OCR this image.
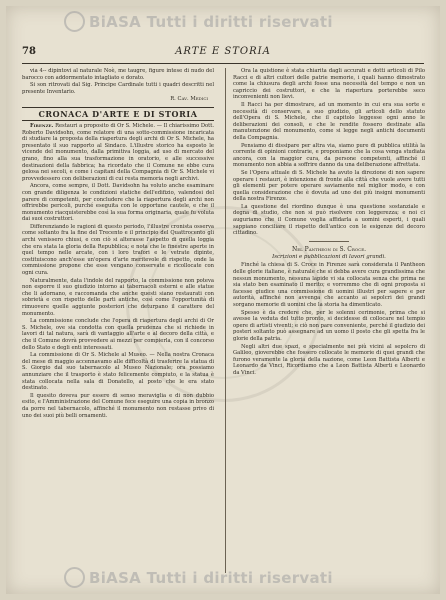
BiASA Tutti i diritti riservati
78	ARTE E STORIA

via 4-- dipintovi al naturale Noè, me taugre, figure intese di nudo del barocco con addormentato intagliato e dorato.

Si son ritrovati dal Sig. Principe Cardinale tutti i quadri descritti nel presente Inventario.

R. Cav. Medici
CRONACA D'ARTE E DI STORIA

Firenze. Restauri a proposito di Or S. Michele. — Il chiarissimo Dott. Roberto Davidsohn, come relatore di una sotto-commissione incaricata di studiare la proposta della riapertura degli archi di Or S. Michele, ha presentato il suo rapporto al Sindaco. L'illustre storico ha esposto le vicende del monumento, dalla primitiva loggia, ad uso di mercato del grano, fino alla sua trasformazione in oratorio, e alle successive destinazioni della fabbrica; ha ricordato che il Comune ne ebbe cura gelosa nei secoli, e come i capitani della Compagnia di Or S. Michele vi provvedessero con deliberazioni di cui resta memoria negli archivi.

Ancora, come sempre, il Dott. Davidsohn ha voluto anche esaminare con grande diligenza le condizioni statiche dell'edifizio, valendosi del parere di competenti, per concludere che la riapertura degli archi non offrirebbe pericoli, purché eseguita con le opportune cautele, e che il monumento riacquisterebbe così la sua forma originaria, quale fu voluta dai suoi costruttori.

Differenziando le ragioni di questo periodo, l'illustre cronista osserva come soltanto fra la fine del Trecento e il principio del Quattrocento gli archi venissero chiusi, e con ciò si alterasse l'aspetto di quella loggia che era stata la gloria della Repubblica; e nota che le finestre aperte in quel tempo nelle arcate, con i loro trafori e le vetrate dipinte, costituiscono anch'esse un'opera d'arte meritevole di rispetto, onde la commissione propone che esse vengano conservate e ricollocate con ogni cura.

Naturalmente, data l'indole del rapporto, la commissione non poteva non esporre il suo giudizio intorno ai tabernacoli esterni e alle statue che li adornano, e raccomanda che anche questi siano restaurati con sobrietà e con rispetto delle parti antiche, così come l'opportunità di rimuovere quelle aggiunte posteriori che deturpano il carattere del monumento.

La commissione conclude che l'opera di riapertura degli archi di Or S. Michele, ove sia condotta con quella prudenza che si richiede in lavori di tal natura, sarà di vantaggio all'arte e al decoro della città, e che il Comune dovrà provvedere ai mezzi per compierla, con il concorso dello Stato e degli enti interessati.

La commissione di Or S. Michele al Museo. — Nella nostra Cronaca del mese di maggio accennavamo alle difficoltà di trasferire la statua di S. Giorgio dal suo tabernacolo al Museo Nazionale; ora possiamo annunziare che il trasporto è stato felicemente compiuto, e la statua è stata collocata nella sala di Donatello, al posto che le era stato destinato.

Il quesito doveva pur essere di senso meraviglia e di non dubbio esito, e l'Amministrazione del Comune fece eseguire una copia in bronzo da porre nel tabernacolo, affinché il monumento non restasse privo di uno dei suoi più belli ornamenti.

Ora la quistione è stata chiarita dagli accurati e dotti articoli di Pilo Racci e di altri cultori delle patrie memorie, i quali hanno dimostrato come la chiusura degli archi fosse una necessità del tempo e non un capriccio dei costruttori, e che la riapertura porterebbe seco inconvenienti non lievi.

Il Racci ha per dimostrare, ad un momento in cui era sua sorte e necessità di conservare, a suo giudizio, gli articoli dello statuto dell'Opera di S. Michele, che il capitolo leggesse ogni anno le deliberazioni dei consoli, e che le rendite fossero destinate alla manutenzione del monumento, come si legge negli antichi documenti della Compagnia.

Pensiamo di dissipare per altra via, siamo pure di pubblica utilità la corrente di opinioni contrarie, e proponiamo che la cosa venga studiata ancora, con la maggior cura, da persone competenti, affinché il monumento non abbia a soffrire danno da una deliberazione affrettata.

Se l'Opera attuale di S. Michele ha avuto la direzione di non sapere operare i restauri, è intenzione di fronte alla città che vuole avere tutti gli elementi per potere operare saviamente nel miglior modo, e con quella considerazione che è dovuta ad uno dei più insigni monumenti della nostra Firenze.

La questione del riordino dunque è una questione sostanziale e degna di studio, che non si può risolvere con leggerezza; e noi ci auguriamo che il Comune voglia affidarla a uomini esperti, i quali sappiano conciliare il rispetto dell'antico con le esigenze del decoro cittadino.

Nel Pantheon di S. Croce.
Iscrizioni e pubblicazioni di lavori grandi.

Finché la chiesa di S. Croce in Firenze sarà considerata il Pantheon delle glorie italiane, è naturale che si debba avere cura grandissima che nessun monumento, nessuna lapide vi sia collocata senza che prima ne sia stato ben esaminato il merito; e vorremmo che di ogni proposta si facesse giudice una commissione di uomini illustri per sapere e per autorità, affinché non avvenga che accanto ai sepolcri dei grandi sorgano memorie di uomini che la storia ha dimenticato.

Spesso è da credere che, per le solenni cerimonie, prima che si avesse la veduta del tutto pronto, si decidesse di collocare nel tempio opere di artisti viventi; e ciò non pare conveniente, perché il giudizio dei posteri soltanto può assegnare ad un uomo il posto che gli spetta fra le glorie della patria.

Negli altri due spazi, e specialmente nei più vicini al sepolcro di Galileo, gioverebbe che fossero collocate le memorie di quei grandi che furono veramente la gloria della nazione, come Leon Battista Alberti e Leonardo da Vinci, Ricordiamo che a Leon Battista Alberti e Leonardo da Vinci.

BiASA Tutti i diritti riservati
